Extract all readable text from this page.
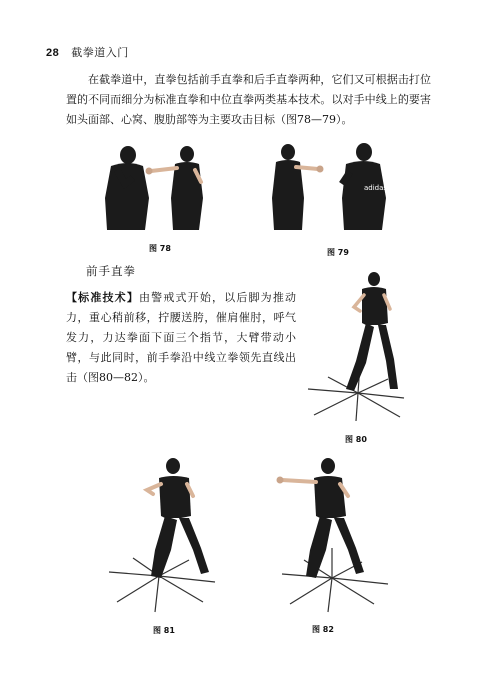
28 截拳道入门
在截拳道中，直拳包括前手直拳和后手直拳两种，它们又可根据击打位置的不同而细分为标准直拳和中位直拳两类基本技术。以对手中线上的要害如头面部、心窝、腹肋部等为主要攻击目标（图78—79）。
图 78
adidas
图 79
前手直拳
【标准技术】由警戒式开始，以后脚为推动力，重心稍前移，拧腰送胯，催肩催肘，呼气发力，力达拳面下面三个指节，大臂带动小臂，与此同时，前手拳沿中线立拳领先直线出击（图80—82）。
图 80
图 81	图 82
